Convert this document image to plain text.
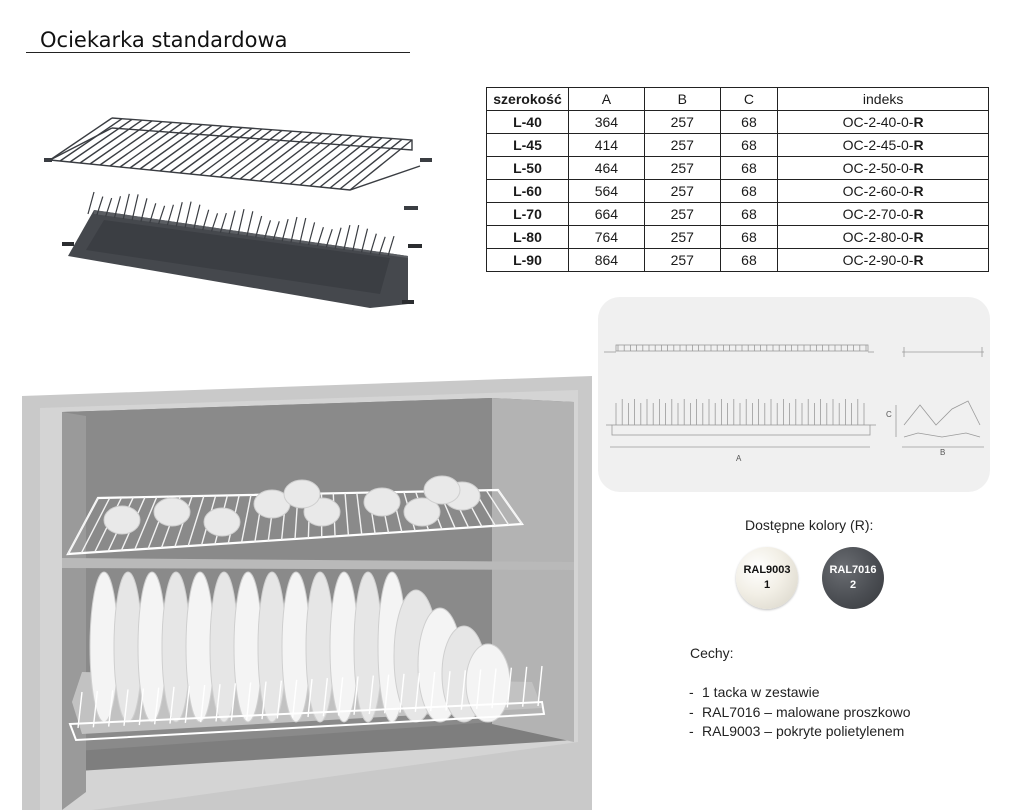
Ociekarka standardowa
szerokość	A	B	C	indeks
L-40	364	257	68	OC-2-40-0-R
L-45	414	257	68	OC-2-45-0-R
L-50	464	257	68	OC-2-50-0-R
L-60	564	257	68	OC-2-60-0-R
L-70	664	257	68	OC-2-70-0-R
L-80	764	257	68	OC-2-80-0-R
L-90	864	257	68	OC-2-90-0-R
A
C
B
Dostępne kolory (R):
RAL9003
1
RAL7016
2
Cechy:
- 1 tacka w zestawie
- RAL7016 – malowane proszkowo
- RAL9003 – pokryte polietylenem
